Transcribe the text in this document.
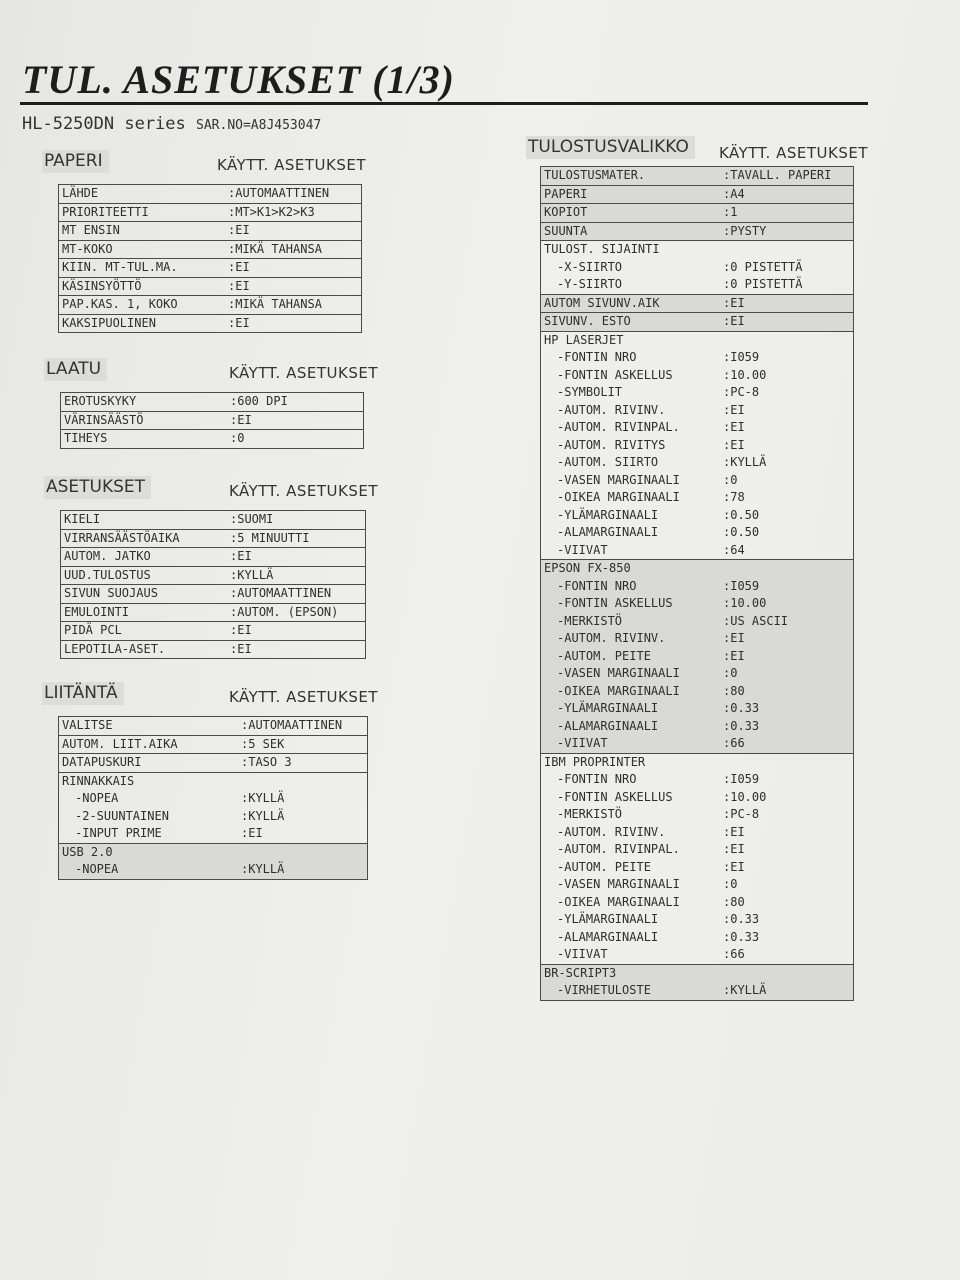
TUL. ASETUKSET (1/3)
HL-5250DN series SAR.NO=A8J453047
PAPERI	KÄYTT. ASETUKSET
LÄHDE	:AUTOMAATTINEN
PRIORITEETTI	:MT>K1>K2>K3
MT ENSIN	:EI
MT-KOKO	:MIKÄ TAHANSA
KIIN. MT-TUL.MA.	:EI
KÄSINSYÖTTÖ	:EI
PAP.KAS. 1, KOKO	:MIKÄ TAHANSA
KAKSIPUOLINEN	:EI
LAATU	KÄYTT. ASETUKSET
EROTUSKYKY	:600 DPI
VÄRINSÄÄSTÖ	:EI
TIHEYS	:0
ASETUKSET	KÄYTT. ASETUKSET
KIELI	:SUOMI
VIRRANSÄÄSTÖAIKA	:5 MINUUTTI
AUTOM. JATKO	:EI
UUD.TULOSTUS	:KYLLÄ
SIVUN SUOJAUS	:AUTOMAATTINEN
EMULOINTI	:AUTOM. (EPSON)
PIDÄ PCL	:EI
LEPOTILA-ASET.	:EI
LIITÄNTÄ	KÄYTT. ASETUKSET
VALITSE	:AUTOMAATTINEN
AUTOM. LIIT.AIKA	:5 SEK
DATAPUSKURI	:TASO 3
RINNAKKAIS	
-NOPEA	:KYLLÄ
-2-SUUNTAINEN	:KYLLÄ
-INPUT PRIME	:EI
USB 2.0	
-NOPEA	:KYLLÄ
TULOSTUSVALIKKO	KÄYTT. ASETUKSET
TULOSTUSMATER.	:TAVALL. PAPERI
PAPERI	:A4
KOPIOT	:1
SUUNTA	:PYSTY
TULOST. SIJAINTI	
-X-SIIRTO	:0 PISTETTÄ
-Y-SIIRTO	:0 PISTETTÄ
AUTOM SIVUNV.AIK	:EI
SIVUNV. ESTO	:EI
HP LASERJET	
-FONTIN NRO	:I059
-FONTIN ASKELLUS	:10.00
-SYMBOLIT	:PC-8
-AUTOM. RIVINV.	:EI
-AUTOM. RIVINPAL.	:EI
-AUTOM. RIVITYS	:EI
-AUTOM. SIIRTO	:KYLLÄ
-VASEN MARGINAALI	:0
-OIKEA MARGINAALI	:78
-YLÄMARGINAALI	:0.50
-ALAMARGINAALI	:0.50
-VIIVAT	:64
EPSON FX-850	
-FONTIN NRO	:I059
-FONTIN ASKELLUS	:10.00
-MERKISTÖ	:US ASCII
-AUTOM. RIVINV.	:EI
-AUTOM. PEITE	:EI
-VASEN MARGINAALI	:0
-OIKEA MARGINAALI	:80
-YLÄMARGINAALI	:0.33
-ALAMARGINAALI	:0.33
-VIIVAT	:66
IBM PROPRINTER	
-FONTIN NRO	:I059
-FONTIN ASKELLUS	:10.00
-MERKISTÖ	:PC-8
-AUTOM. RIVINV.	:EI
-AUTOM. RIVINPAL.	:EI
-AUTOM. PEITE	:EI
-VASEN MARGINAALI	:0
-OIKEA MARGINAALI	:80
-YLÄMARGINAALI	:0.33
-ALAMARGINAALI	:0.33
-VIIVAT	:66
BR-SCRIPT3	
-VIRHETULOSTE	:KYLLÄ
